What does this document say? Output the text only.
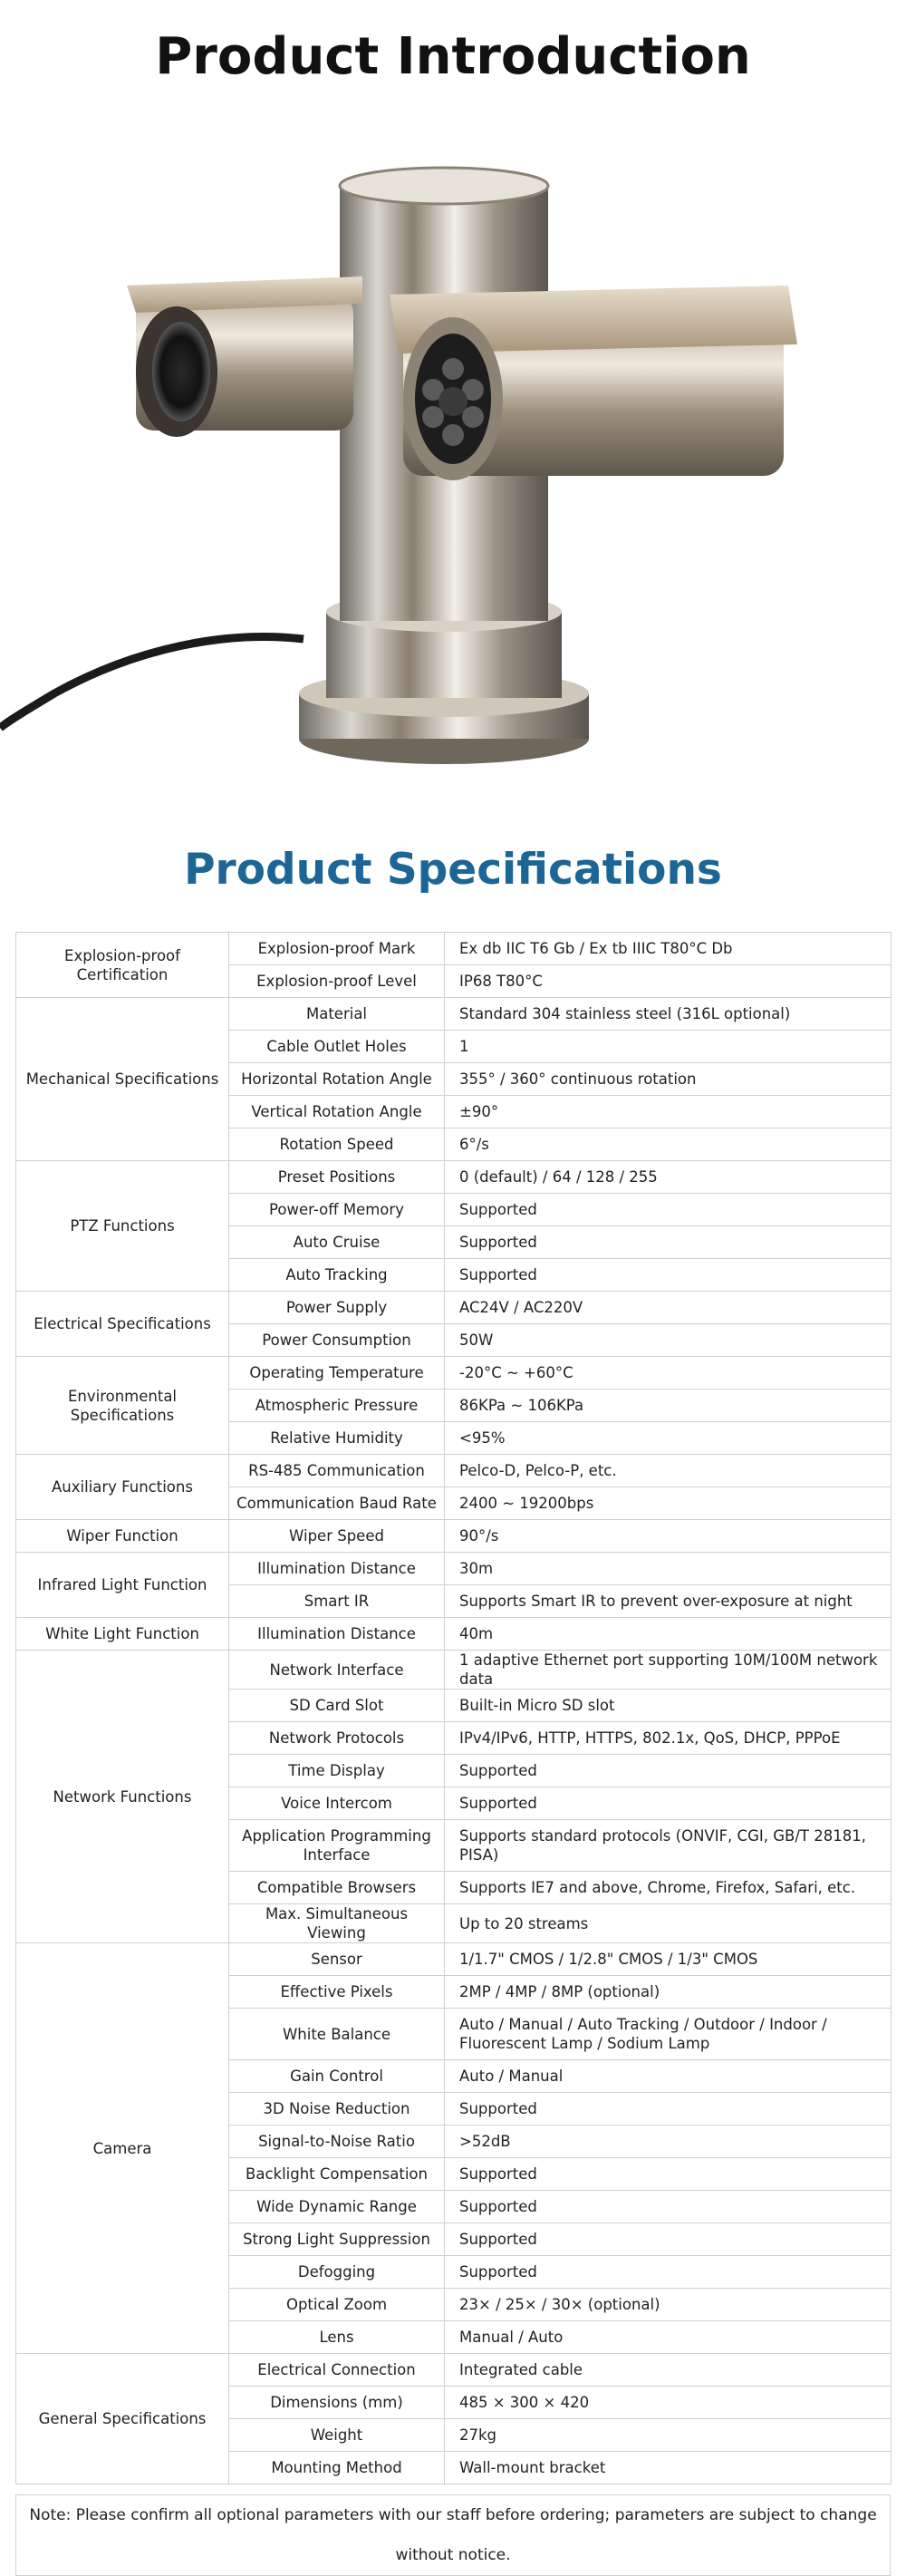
Product Introduction
Product Specifications
Explosion-proof Certification	Explosion-proof Mark	Ex db IIC T6 Gb / Ex tb IIIC T80°C Db
	Explosion-proof Level	IP68 T80°C
Mechanical Specifications	Material	Standard 304 stainless steel (316L optional)
	Cable Outlet Holes	1
	Horizontal Rotation Angle	355° / 360° continuous rotation
	Vertical Rotation Angle	±90°
	Rotation Speed	6°/s
PTZ Functions	Preset Positions	0 (default) / 64 / 128 / 255
	Power-off Memory	Supported
	Auto Cruise	Supported
	Auto Tracking	Supported
Electrical Specifications	Power Supply	AC24V / AC220V
	Power Consumption	50W
Environmental Specifications	Operating Temperature	-20°C ~ +60°C
	Atmospheric Pressure	86KPa ~ 106KPa
	Relative Humidity	<95%
Auxiliary Functions	RS-485 Communication	Pelco-D, Pelco-P, etc.
	Communication Baud Rate	2400 ~ 19200bps
Wiper Function	Wiper Speed	90°/s
Infrared Light Function	Illumination Distance	30m
	Smart IR	Supports Smart IR to prevent over-exposure at night
White Light Function	Illumination Distance	40m
Network Functions	Network Interface	1 adaptive Ethernet port supporting 10M/100M network data
	SD Card Slot	Built-in Micro SD slot
	Network Protocols	IPv4/IPv6, HTTP, HTTPS, 802.1x, QoS, DHCP, PPPoE
	Time Display	Supported
	Voice Intercom	Supported
	Application Programming Interface	Supports standard protocols (ONVIF, CGI, GB/T 28181, PISA)
	Compatible Browsers	Supports IE7 and above, Chrome, Firefox, Safari, etc.
	Max. Simultaneous Viewing	Up to 20 streams
Camera	Sensor	1/1.7" CMOS / 1/2.8" CMOS / 1/3" CMOS
	Effective Pixels	2MP / 4MP / 8MP (optional)
	White Balance	Auto / Manual / Auto Tracking / Outdoor / Indoor / Fluorescent Lamp / Sodium Lamp
	Gain Control	Auto / Manual
	3D Noise Reduction	Supported
	Signal-to-Noise Ratio	>52dB
	Backlight Compensation	Supported
	Wide Dynamic Range	Supported
	Strong Light Suppression	Supported
	Defogging	Supported
	Optical Zoom	23× / 25× / 30× (optional)
	Lens	Manual / Auto
General Specifications	Electrical Connection	Integrated cable
	Dimensions (mm)	485 × 300 × 420
	Weight	27kg
	Mounting Method	Wall-mount bracket
Note: Please confirm all optional parameters with our staff before ordering; parameters are subject to change without notice.
